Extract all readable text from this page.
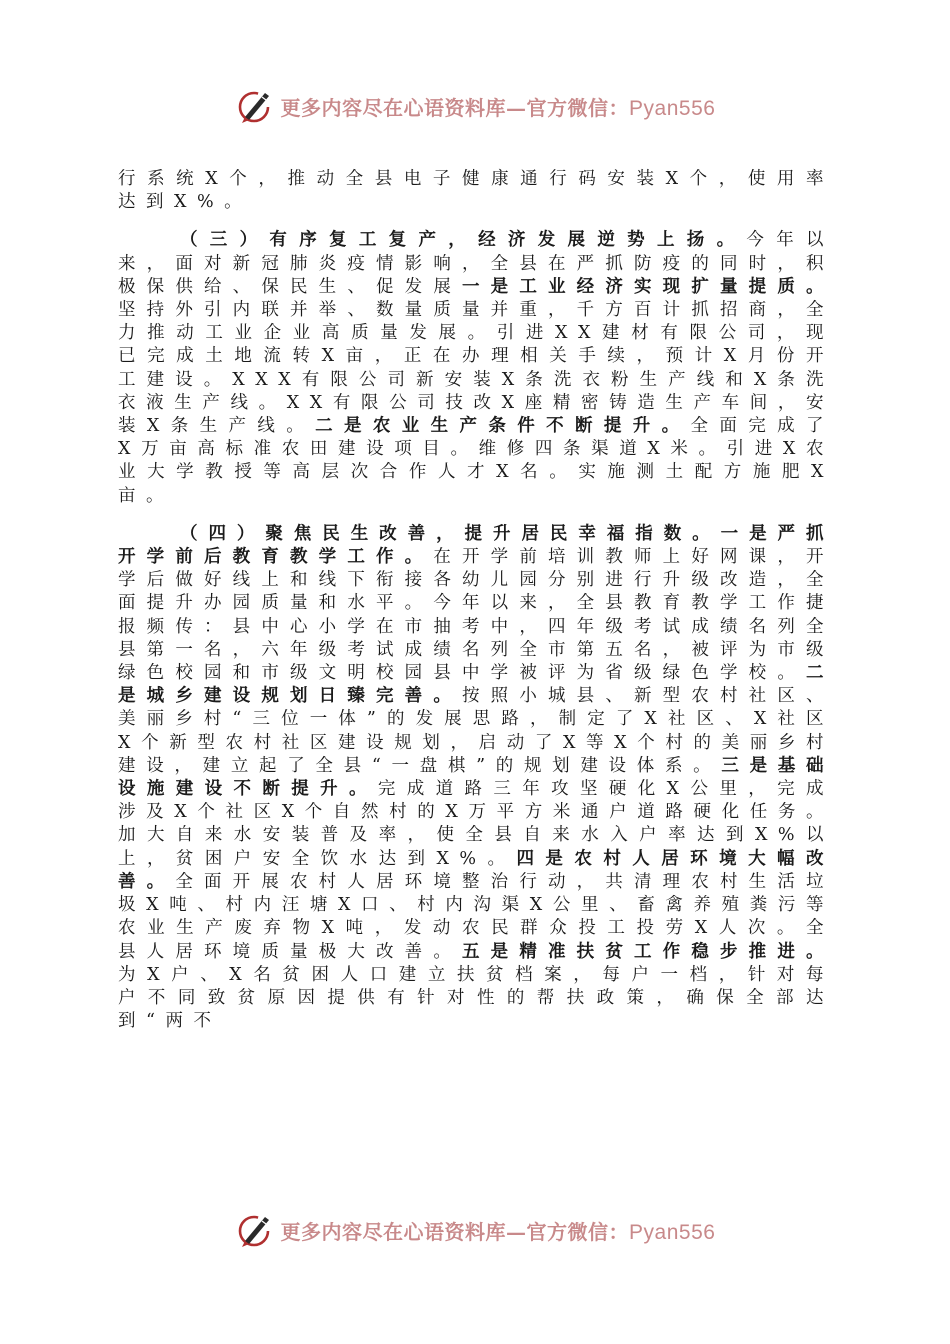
更多内容尽在心语资料库—官方微信：Pyan556

行系统X个，推动全县电子健康通行码安装X个，使用率达到X%。

（三）有序复工复产，经济发展逆势上扬。今年以来，面对新冠肺炎疫情影响，全县在严抓防疫的同时，积极保供给、保民生、促发展一是工业经济实现扩量提质。坚持外引内联并举、数量质量并重，千方百计抓招商，全力推动工业企业高质量发展。引进XX建材有限公司，现已完成土地流转X亩，正在办理相关手续，预计X月份开工建设。XXX有限公司新安装X条洗衣粉生产线和X条洗衣液生产线。XX有限公司技改X座精密铸造生产车间，安装X条生产线。二是农业生产条件不断提升。全面完成了X万亩高标准农田建设项目。维修四条渠道X米。引进X农业大学教授等高层次合作人才X名。实施测土配方施肥X亩。

（四）聚焦民生改善，提升居民幸福指数。一是严抓开学前后教育教学工作。在开学前培训教师上好网课，开学后做好线上和线下衔接各幼儿园分别进行升级改造，全面提升办园质量和水平。今年以来，全县教育教学工作捷报频传：县中心小学在市抽考中，四年级考试成绩名列全县第一名，六年级考试成绩名列全市第五名，被评为市级绿色校园和市级文明校园县中学被评为省级绿色学校。二是城乡建设规划日臻完善。按照小城县、新型农村社区、美丽乡村“三位一体”的发展思路，制定了X社区、X社区X个新型农村社区建设规划，启动了X等X个村的美丽乡村建设，建立起了全县“一盘棋”的规划建设体系。三是基础设施建设不断提升。完成道路三年攻坚硬化X公里，完成涉及X个社区X个自然村的X万平方米通户道路硬化任务。加大自来水安装普及率，使全县自来水入户率达到X%以上，贫困户安全饮水达到X%。四是农村人居环境大幅改善。全面开展农村人居环境整治行动，共清理农村生活垃圾X吨、村内汪塘X口、村内沟渠X公里、畜禽养殖粪污等农业生产废弃物X吨，发动农民群众投工投劳X人次。全县人居环境质量极大改善。五是精准扶贫工作稳步推进。为X户、X名贫困人口建立扶贫档案，每户一档，针对每户不同致贫原因提供有针对性的帮扶政策，确保全部达到“两不

更多内容尽在心语资料库—官方微信：Pyan556
